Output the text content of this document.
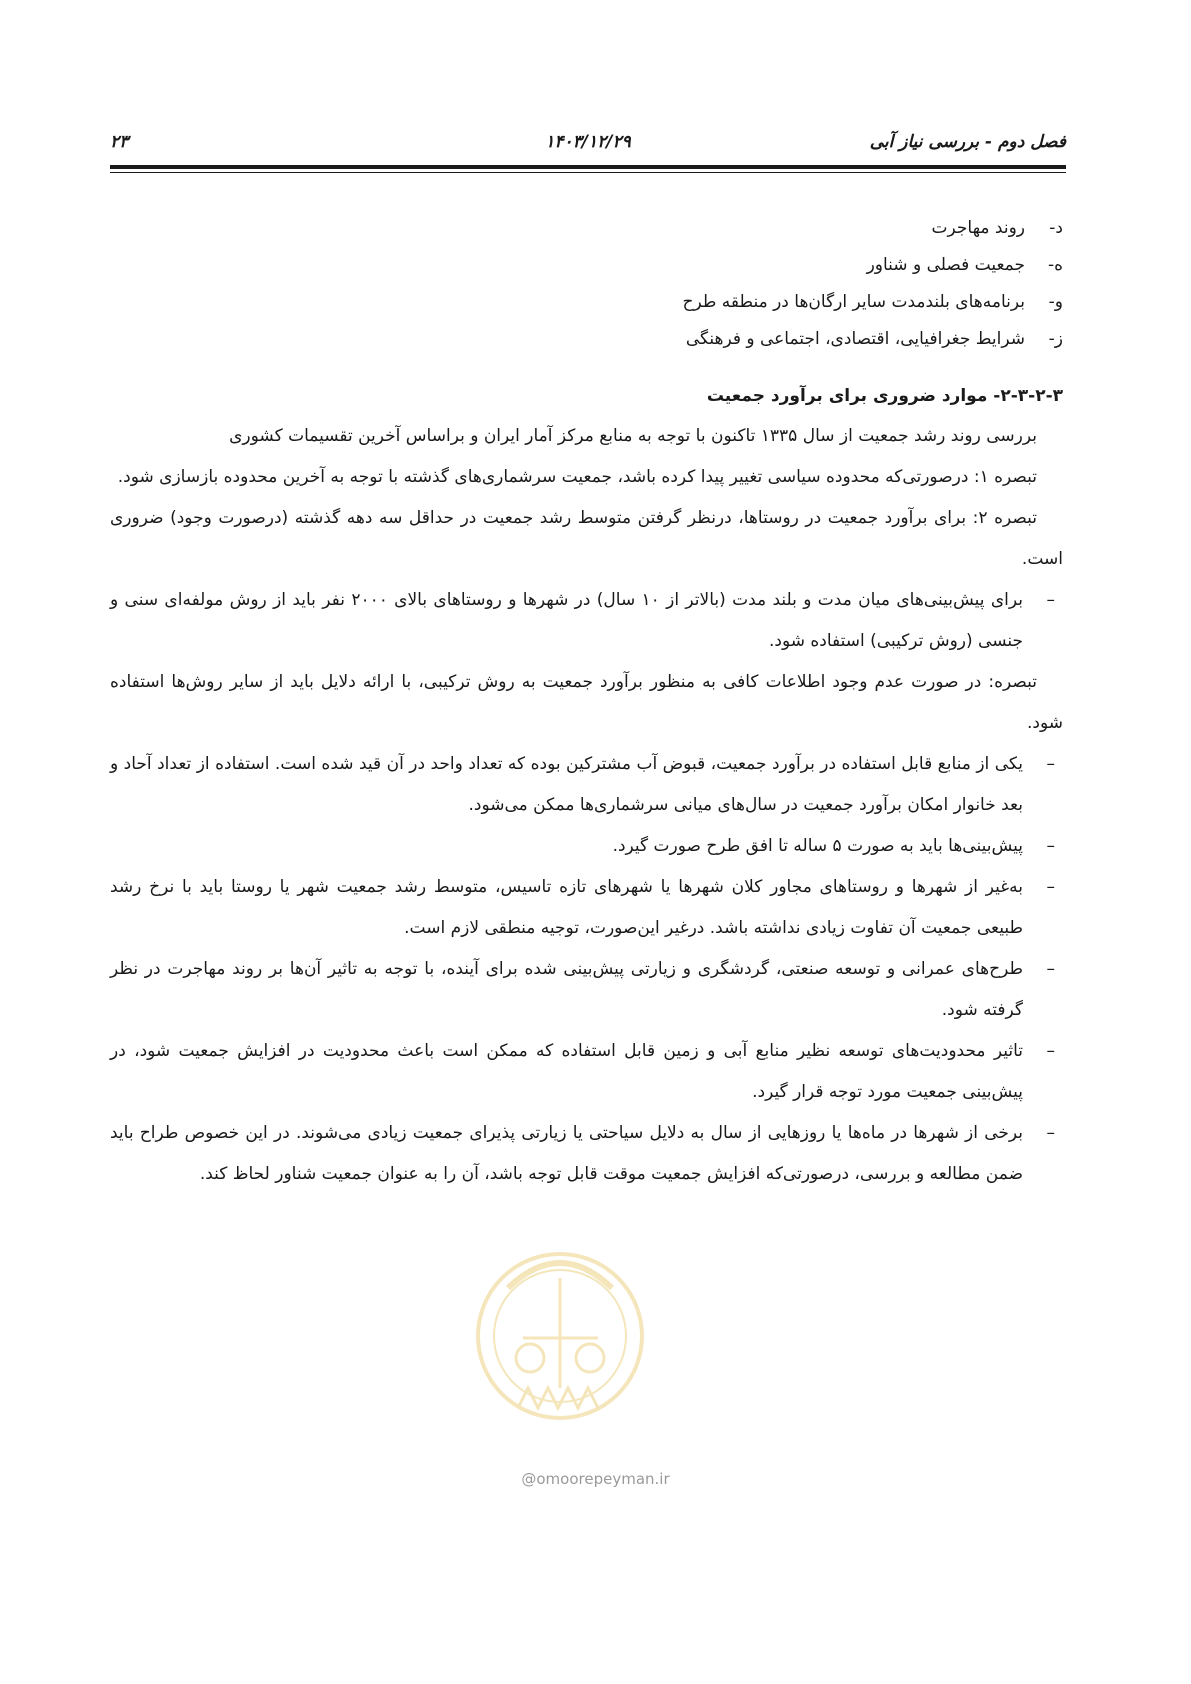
فصل دوم - بررسی نیاز آبی
۱۴۰۳/۱۲/۲۹
۲۳
د-روند مهاجرت
ه-جمعیت فصلی و شناور
و-برنامه‌های بلندمدت سایر ارگان‌ها در منطقه طرح
ز-شرایط جغرافیایی، اقتصادی، اجتماعی و فرهنگی
۲-۳-۲-۳- موارد ضروری برای برآورد جمعیت

بررسی روند رشد جمعیت از سال ۱۳۳۵ تاکنون با توجه به منابع مرکز آمار ایران و براساس آخرین تقسیمات کشوری

تبصره ۱: درصورتی‌که محدوده سیاسی تغییر پیدا کرده باشد، جمعیت سرشماری‌های گذشته با توجه به آخرین محدوده بازسازی شود.

تبصره ۲: برای برآورد جمعیت در روستاها، درنظر گرفتن متوسط رشد جمعیت در حداقل سه دهه گذشته (درصورت وجود) ضروری است.

–
برای پیش‌بینی‌های میان مدت و بلند مدت (بالاتر از ۱۰ سال) در شهرها و روستاهای بالای ۲۰۰۰ نفر باید از روش مولفه‌ای سنی و جنسی (روش ترکیبی) استفاده شود.

تبصره: در صورت عدم وجود اطلاعات کافی به منظور برآورد جمعیت به روش ترکیبی، با ارائه دلایل باید از سایر روش‌ها استفاده شود.

–
یکی از منابع قابل استفاده در برآورد جمعیت، قبوض آب مشترکین بوده که تعداد واحد در آن قید شده است. استفاده از تعداد آحاد و بعد خانوار امکان برآورد جمعیت در سال‌های میانی سرشماری‌ها ممکن می‌شود.
–
پیش‌بینی‌ها باید به صورت ۵ ساله تا افق طرح صورت گیرد.
–
به‌غیر از شهرها و روستاهای مجاور کلان شهرها یا شهرهای تازه تاسیس، متوسط رشد جمعیت شهر یا روستا باید با نرخ رشد طبیعی جمعیت آن تفاوت زیادی نداشته باشد. درغیر این‌صورت، توجیه منطقی لازم است.
–
طرح‌های عمرانی و توسعه صنعتی، گردشگری و زیارتی پیش‌بینی شده برای آینده، با توجه به تاثیر آن‌ها بر روند مهاجرت در نظر گرفته شود.
–
تاثیر محدودیت‌های توسعه نظیر منابع آبی و زمین قابل استفاده که ممکن است باعث محدودیت در افزایش جمعیت شود، در پیش‌بینی جمعیت مورد توجه قرار گیرد.
–
برخی از شهرها در ماه‌ها یا روزهایی از سال به دلایل سیاحتی یا زیارتی پذیرای جمعیت زیادی می‌شوند. در این خصوص طراح باید ضمن مطالعه و بررسی، درصورتی‌که افزایش جمعیت موقت قابل توجه باشد، آن را به عنوان جمعیت شناور لحاظ کند.
@omoorepeyman.ir
